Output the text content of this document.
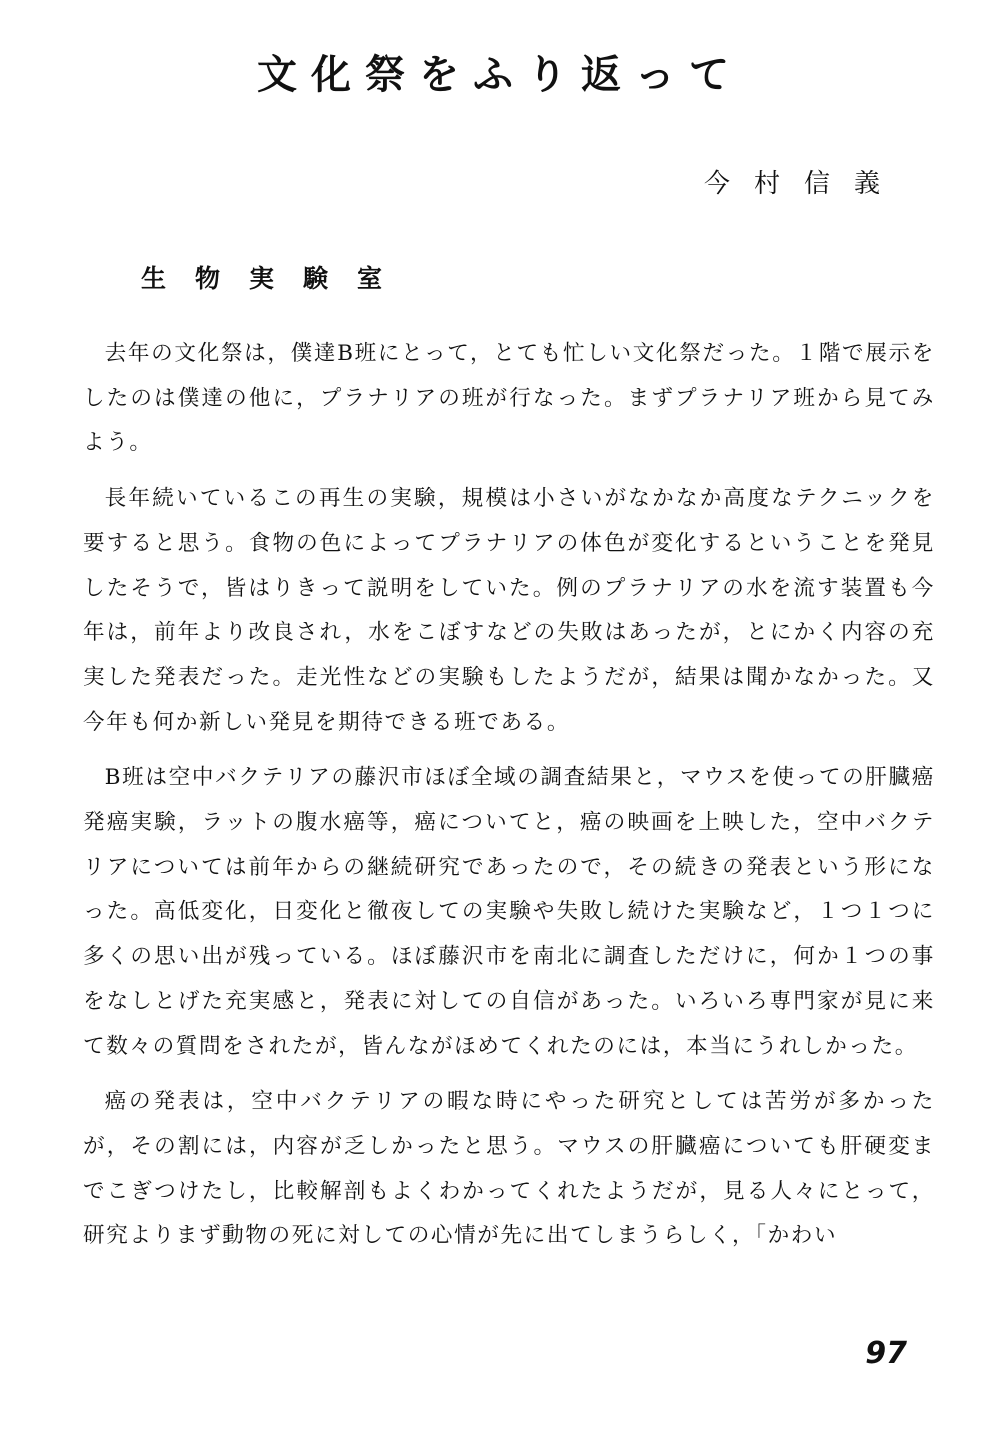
文化祭をふり返って

今村信義

生物実験室

去年の文化祭は，僕達B班にとって，とても忙しい文化祭だった。１階で展示をしたのは僕達の他に，プラナリアの班が行なった。まずプラナリア班から見てみよう。

長年続いているこの再生の実験，規模は小さいがなかなか高度なテクニックを要すると思う。食物の色によってプラナリアの体色が変化するということを発見したそうで，皆はりきって説明をしていた。例のプラナリアの水を流す装置も今年は，前年より改良され，水をこぼすなどの失敗はあったが，とにかく内容の充実した発表だった。走光性などの実験もしたようだが，結果は聞かなかった。又今年も何か新しい発見を期待できる班である。

B班は空中バクテリアの藤沢市ほぼ全域の調査結果と，マウスを使っての肝臓癌発癌実験，ラットの腹水癌等，癌についてと，癌の映画を上映した，空中バクテリアについては前年からの継続研究であったので，その続きの発表という形になった。高低変化，日変化と徹夜しての実験や失敗し続けた実験など，１つ１つに多くの思い出が残っている。ほぼ藤沢市を南北に調査しただけに，何か１つの事をなしとげた充実感と，発表に対しての自信があった。いろいろ専門家が見に来て数々の質問をされたが，皆んながほめてくれたのには，本当にうれしかった。

癌の発表は，空中バクテリアの暇な時にやった研究としては苦労が多かったが，その割には，内容が乏しかったと思う。マウスの肝臓癌についても肝硬変までこぎつけたし，比較解剖もよくわかってくれたようだが，見る人々にとって，研究よりまず動物の死に対しての心情が先に出てしまうらしく，「かわい

97
